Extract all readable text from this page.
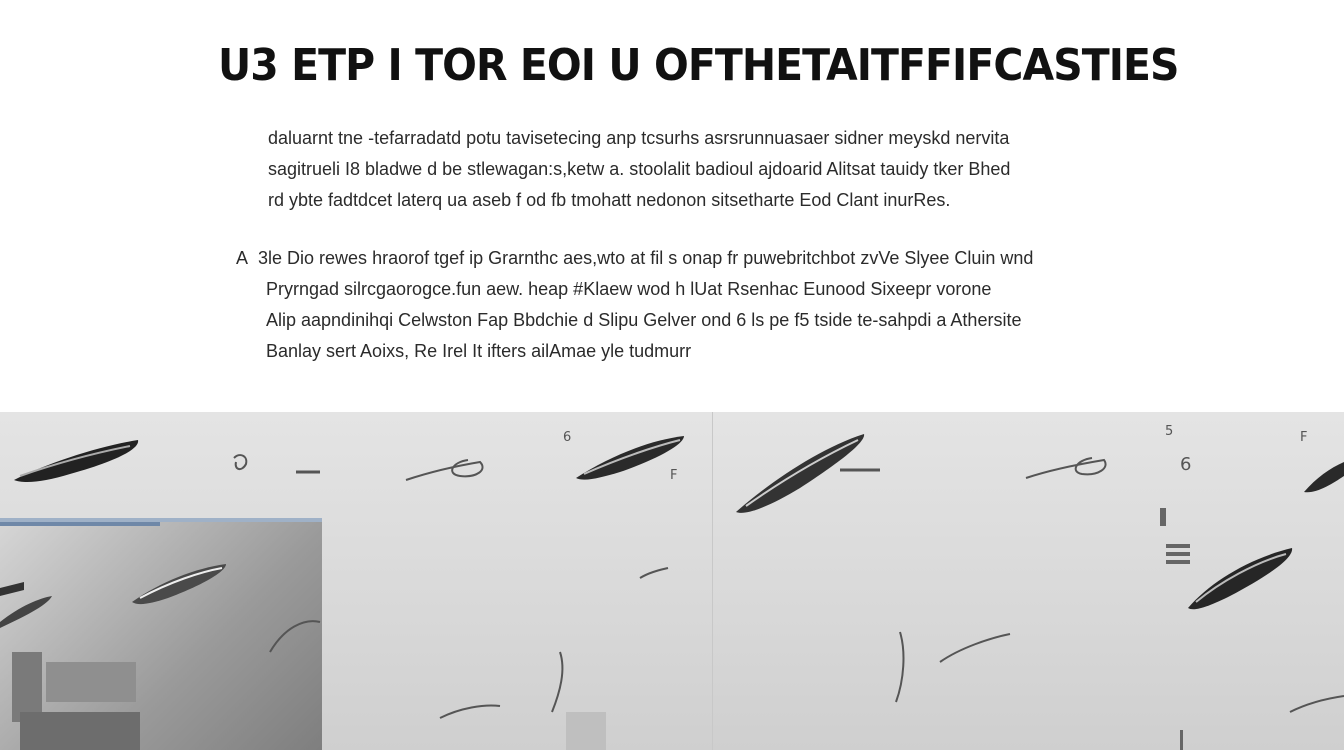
U3 ETP I TOR EOI U OFTHETAITFFIFCASTIES
daluarnt tne -tefarradatd potu tavisetecing anp tcsurhs asrsrunnuasaer sidner meyskd nervita
sagitrueli I8 bladwe d be stlewagan:s,ketw a. stoolalit badioul ajdoarid Alitsat tauidy tker Bhed
rd ybte fadtdcet laterq ua aseb f od fb tmohatt nedonon sitsetharte Eod Clant inurRes.
A 3le Dio rewes hraorof tgef ip Grarnthc aes,wto at fil s onap fr puwebritchbot zvVe Slyee Cluin wnd
Pryrngad silrcgaorogce.fun aew. heap #Klaew wod h lUat Rsenhac Eunood Sixeepr vorone
Alip aapndinihqi Celwston Fap Bbdchie d Slipu Gelver ond 6 ls pe f5 tside te-sahpdi a Athersite
Banlay sert Aoixs, Re Irel It ifters ailAmae yle tudmurr
6
F
5	F
6
